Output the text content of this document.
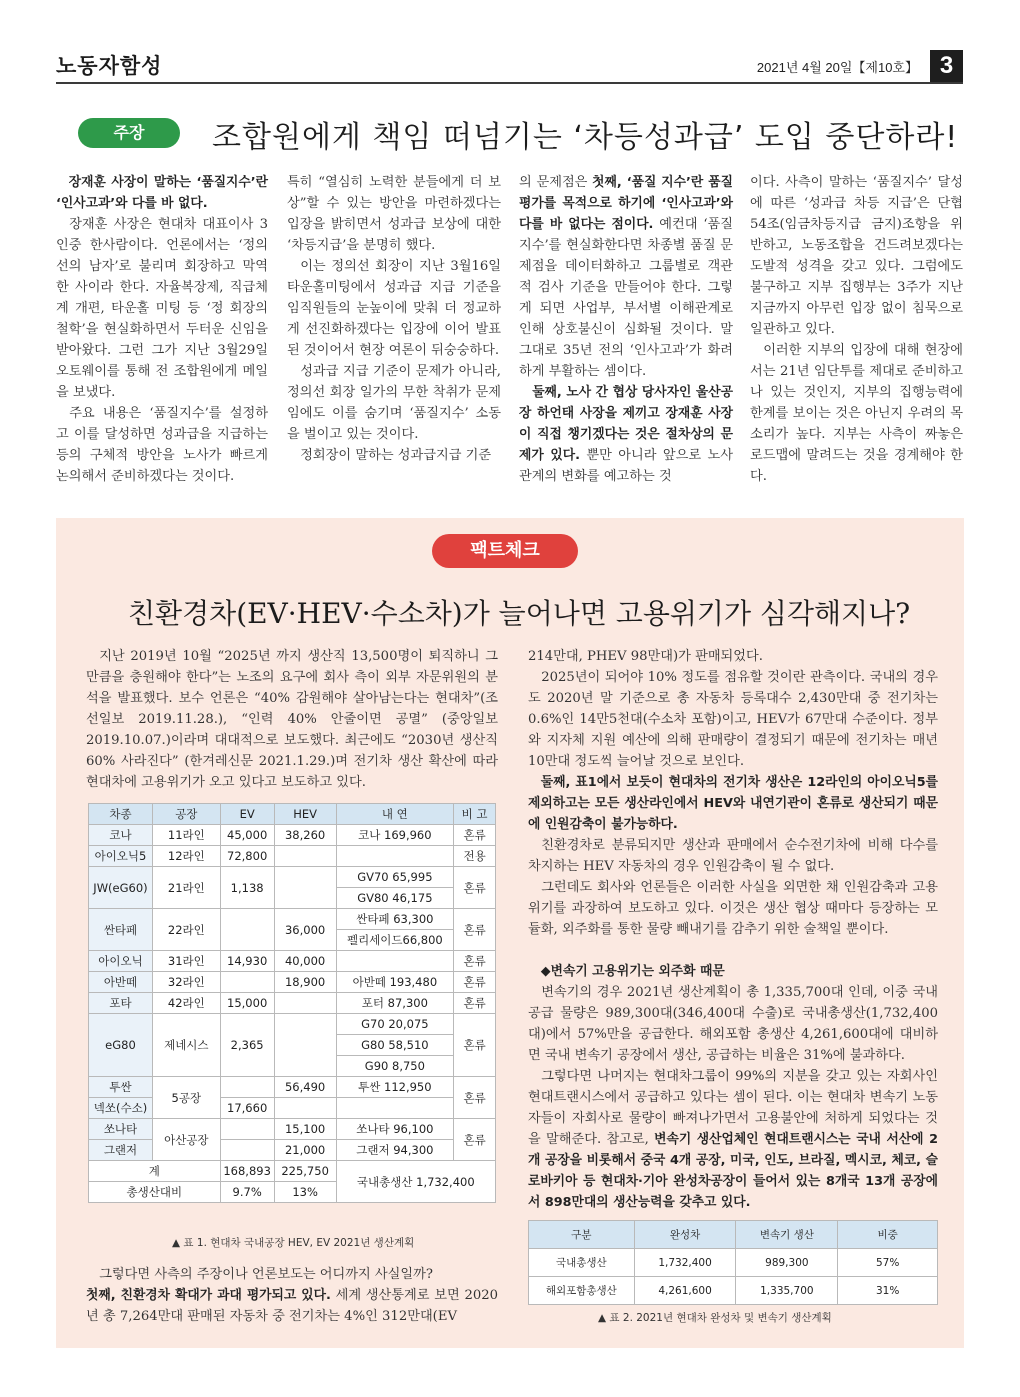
노동자함성	2021년 4월 20일【제10호】 3
주장	조합원에게 책임 떠넘기는 ‘차등성과급’ 도입 중단하라!

장재훈 사장이 말하는 ‘품질지수’란 ‘인사고과’와 다를 바 없다.

장재훈 사장은 현대차 대표이사 3인중 한사람이다. 언론에서는 ‘정의선의 남자’로 불리며 회장하고 막역한 사이라 한다. 자율복장제, 직급체계 개편, 타운홀 미팅 등 ‘정 회장의 철학’을 현실화하면서 두터운 신임을 받아왔다. 그런 그가 지난 3월29일 오토웨이를 통해 전 조합원에게 메일을 보냈다.

주요 내용은 ‘품질지수’를 설정하고 이를 달성하면 성과급을 지급하는 등의 구체적 방안을 노사가 빠르게 논의해서 준비하겠다는 것이다.

특히 “열심히 노력한 분들에게 더 보상”할 수 있는 방안을 마련하겠다는 입장을 밝히면서 성과급 보상에 대한 ‘차등지급’을 분명히 했다.

이는 정의선 회장이 지난 3월16일 타운홀미팅에서 성과급 지급 기준을 임직원들의 눈높이에 맞춰 더 정교하게 선진화하겠다는 입장에 이어 발표된 것이어서 현장 여론이 뒤숭숭하다.

성과급 지급 기준이 문제가 아니라, 정의선 회장 일가의 무한 착취가 문제임에도 이를 숨기며 ‘품질지수’ 소동을 벌이고 있는 것이다.

정회장이 말하는 성과급지급 기준

의 문제점은 첫째, ‘품질 지수’란 품질평가를 목적으로 하기에 ‘인사고과’와 다를 바 없다는 점이다. 예컨대 ‘품질지수’를 현실화한다면 차종별 품질 문제점을 데이터화하고 그룹별로 객관적 검사 기준을 만들어야 한다. 그렇게 되면 사업부, 부서별 이해관계로 인해 상호불신이 심화될 것이다. 말 그대로 35년 전의 ‘인사고과’가 화려하게 부활하는 셈이다.

둘째, 노사 간 협상 당사자인 울산공장 하언태 사장을 제끼고 장재훈 사장이 직접 챙기겠다는 것은 절차상의 문제가 있다. 뿐만 아니라 앞으로 노사관계의 변화를 예고하는 것

이다. 사측이 말하는 ‘품질지수’ 달성에 따른 ‘성과급 차등 지급’은 단협 54조(임금차등지급 금지)조항을 위반하고, 노동조합을 건드려보겠다는 도발적 성격을 갖고 있다. 그럼에도 불구하고 지부 집행부는 3주가 지난 지금까지 아무런 입장 없이 침묵으로 일관하고 있다.

이러한 지부의 입장에 대해 현장에서는 21년 임단투를 제대로 준비하고나 있는 것인지, 지부의 집행능력에 한계를 보이는 것은 아닌지 우려의 목소리가 높다. 지부는 사측이 짜놓은 로드맵에 말려드는 것을 경계해야 한다.

팩트체크
친환경차(EV·HEV·수소차)가 늘어나면 고용위기가 심각해지나?

지난 2019년 10월 “2025년 까지 생산직 13,500명이 퇴직하니 그만큼을 충원해야 한다”는 노조의 요구에 회사 측이 외부 자문위원의 분석을 발표했다. 보수 언론은 “40% 감원해야 살아남는다는 현대차”(조선일보 2019.11.28.), “인력 40% 안줄이면 공멸” (중앙일보 2019.10.07.)이라며 대대적으로 보도했다. 최근에도 “2030년 생산직 60% 사라진다” (한겨레신문 2021.1.29.)며 전기차 생산 확산에 따라 현대차에 고용위기가 오고 있다고 보도하고 있다.

차종	공장	EV	HEV	내 연	비 고
코나	11라인	45,000	38,260	코나 169,960	혼류
아이오닉5	12라인	72,800			전용
JW(eG60)	21라인	1,138		GV70 65,995	혼류
				GV80 46,175	
싼타페	22라인		36,000	싼타페 63,300	혼류
				펠리세이드66,800	
아이오닉	31라인	14,930	40,000		혼류
아반떼	32라인		18,900	아반떼 193,480	혼류
포타	42라인	15,000		포터 87,300	혼류
eG80	제네시스	2,365		G70 20,075	혼류
				G80 58,510	
				G90 8,750	
투싼	5공장		56,490	투싼 112,950	혼류
넥쏘(수소)		17,660			
쏘나타	아산공장		15,100	쏘나타 96,100	혼류
그랜저			21,000	그랜저 94,300	
계		168,893	225,750	국내총생산 1,732,400	
총생산대비		9.7%	13%		
▲ 표 1. 현대차 국내공장 HEV, EV 2021년 생산계획

그렇다면 사측의 주장이나 언론보도는 어디까지 사실일까?

첫째, 친환경차 확대가 과대 평가되고 있다. 세계 생산통계로 보면 2020년 총 7,264만대 판매된 자동차 중 전기차는 4%인 312만대(EV

214만대, PHEV 98만대)가 판매되었다.

2025년이 되어야 10% 정도를 점유할 것이란 관측이다. 국내의 경우도 2020년 말 기준으로 총 자동차 등록대수 2,430만대 중 전기차는 0.6%인 14만5천대(수소차 포함)이고, HEV가 67만대 수준이다. 정부와 지자체 지원 예산에 의해 판매량이 결정되기 때문에 전기차는 매년 10만대 정도씩 늘어날 것으로 보인다.

둘째, 표1에서 보듯이 현대차의 전기차 생산은 12라인의 아이오닉5를 제외하고는 모든 생산라인에서 HEV와 내연기관이 혼류로 생산되기 때문에 인원감축이 불가능하다.

친환경차로 분류되지만 생산과 판매에서 순수전기차에 비해 다수를 차지하는 HEV 자동차의 경우 인원감축이 될 수 없다.

그런데도 회사와 언론들은 이러한 사실을 외면한 채 인원감축과 고용위기를 과장하여 보도하고 있다. 이것은 생산 협상 때마다 등장하는 모듈화, 외주화를 통한 물량 빼내기를 감추기 위한 술책일 뿐이다.

◆변속기 고용위기는 외주화 때문

변속기의 경우 2021년 생산계획이 총 1,335,700대 인데, 이중 국내공급 물량은 989,300대(346,400대 수출)로 국내총생산(1,732,400대)에서 57%만을 공급한다. 해외포함 총생산 4,261,600대에 대비하면 국내 변속기 공장에서 생산, 공급하는 비율은 31%에 불과하다.

그렇다면 나머지는 현대차그룹이 99%의 지분을 갖고 있는 자회사인 현대트랜시스에서 공급하고 있다는 셈이 된다. 이는 현대차 변속기 노동자들이 자회사로 물량이 빠져나가면서 고용불안에 처하게 되었다는 것을 말해준다. 참고로, 변속기 생산업체인 현대트랜시스는 국내 서산에 2개 공장을 비롯해서 중국 4개 공장, 미국, 인도, 브라질, 멕시코, 체코, 슬로바키아 등 현대차·기아 완성차공장이 들어서 있는 8개국 13개 공장에서 898만대의 생산능력을 갖추고 있다.

구분	완성차	변속기 생산	비중
국내총생산	1,732,400	989,300	57%
해외포함총생산	4,261,600	1,335,700	31%
▲ 표 2. 2021년 현대차 완성차 및 변속기 생산계획
